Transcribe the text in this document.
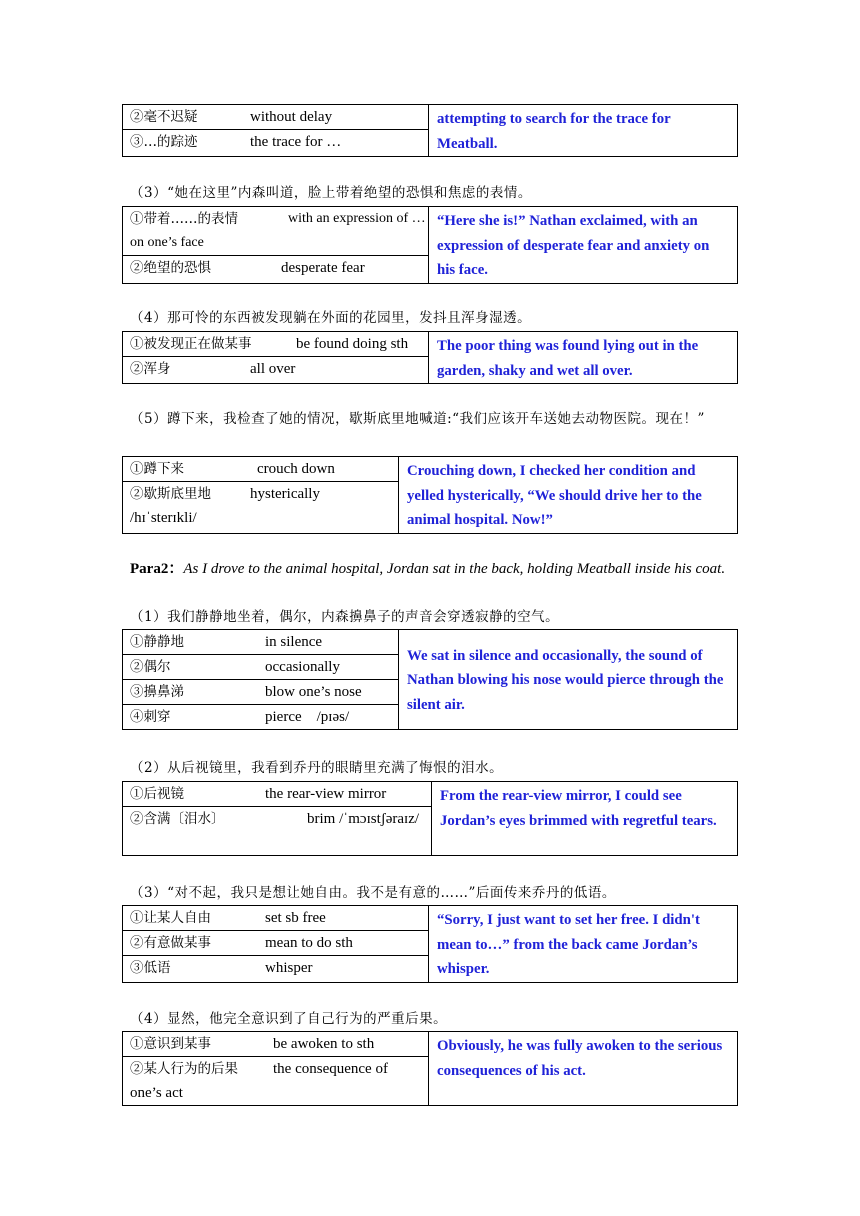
②毫不迟疑	without delay
③…的踪迹	the trace for …
	attempting to search for the trace for Meatball.
（3）“她在这里”内森叫道，脸上带着绝望的恐惧和焦虑的表情。
①带着……的表情	with an expression of …
on one’s face
②绝望的恐惧	desperate fear
	“Here she is!” Nathan exclaimed, with an expression of desperate fear and anxiety on his face.
（4）那可怜的东西被发现躺在外面的花园里，发抖且浑身湿透。
①被发现正在做某事	be found doing sth
②浑身	all over
	The poor thing was found lying out in the garden, shaky and wet all over.
（5）蹲下来，我检查了她的情况，歇斯底里地喊道:“我们应该开车送她去动物医院。现在！”
①蹲下来	crouch down
②歇斯底里地	hysterically
/hɪˈsterɪkli/
	Crouching down, I checked her condition and yelled hysterically, “We should drive her to the animal hospital. Now!”
Para2：As I drove to the animal hospital, Jordan sat in the back, holding Meatball inside his coat.
（1）我们静静地坐着，偶尔，内森擤鼻子的声音会穿透寂静的空气。
①静静地	in silence
②偶尔	occasionally
③擤鼻涕	blow one’s nose
④刺穿	pierce　/pɪəs/
	We sat in silence and occasionally, the sound of Nathan blowing his nose would pierce through the silent air.
（2）从后视镜里，我看到乔丹的眼睛里充满了悔恨的泪水。
①后视镜	the rear-view mirror
②含满〔泪水〕	brim /ˈmɔɪstʃəraɪz/
	From the rear-view mirror, I could see Jordan’s eyes brimmed with regretful tears.
（3）“对不起，我只是想让她自由。我不是有意的……”后面传来乔丹的低语。
①让某人自由	set sb free
②有意做某事	mean to do sth
③低语	whisper
	“Sorry, I just want to set her free. I didn't mean to…” from the back came Jordan’s whisper.
（4）显然，他完全意识到了自己行为的严重后果。
①意识到某事	be awoken to sth
②某人行为的后果 the consequence of
one’s act
	Obviously, he was fully awoken to the serious consequences of his act.
